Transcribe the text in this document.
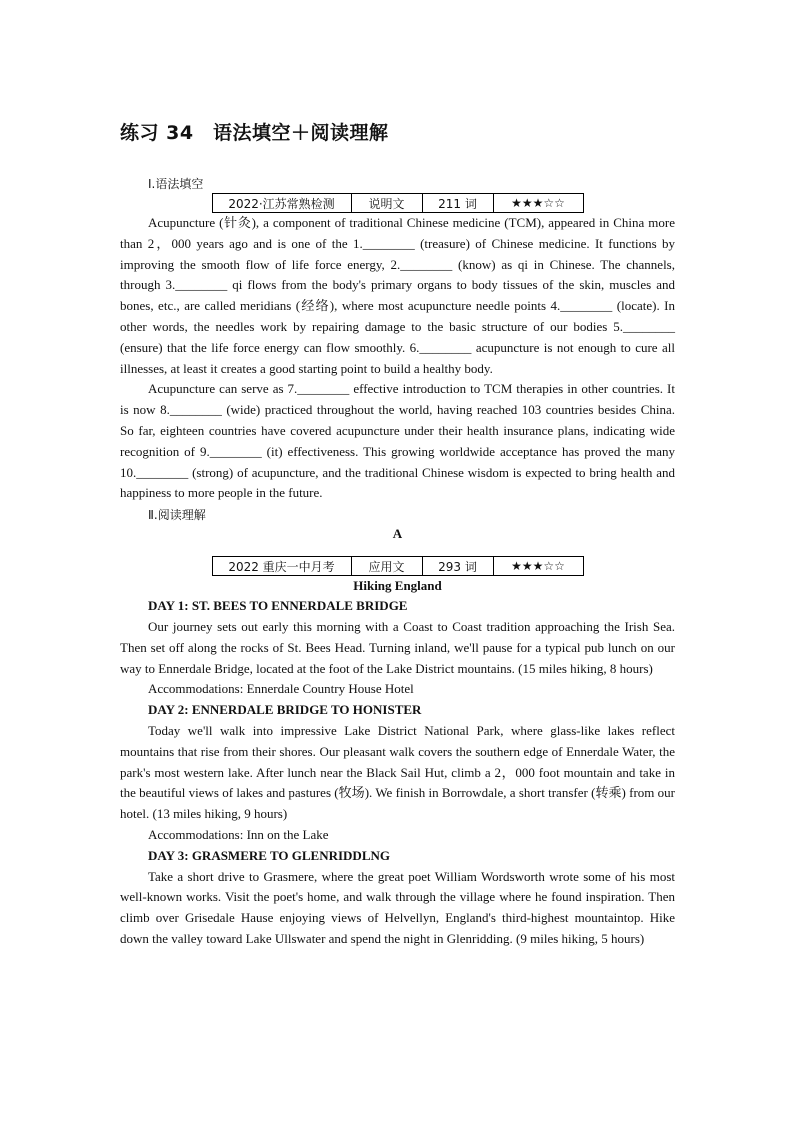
练习 34　语法填空＋阅读理解
Ⅰ.语法填空
2022·江苏常熟检测	说明文	211 词	★★★☆☆

Acupuncture (针灸), a component of traditional Chinese medicine (TCM), appeared in China more than 2，000 years ago and is one of the 1.________ (treasure) of Chinese medicine. It functions by improving the smooth flow of life force energy, 2.________ (know) as qi in Chinese. The channels, through 3.________ qi flows from the body's primary organs to body tissues of the skin, muscles and bones, etc., are called meridians (经络), where most acupuncture needle points 4.________ (locate). In other words, the needles work by repairing damage to the basic structure of our bodies 5.________ (ensure) that the life force energy can flow smoothly. 6.________ acupuncture is not enough to cure all illnesses, at least it creates a good starting point to build a healthy body.

Acupuncture can serve as 7.________ effective introduction to TCM therapies in other countries. It is now 8.________ (wide) practiced throughout the world, having reached 103 countries besides China. So far, eighteen countries have covered acupuncture under their health insurance plans, indicating wide recognition of 9.________ (it) effectiveness. This growing worldwide acceptance has proved the many 10.________ (strong) of acupuncture, and the traditional Chinese wisdom is expected to bring health and happiness to more people in the future.

Ⅱ.阅读理解
A
2022 重庆一中月考	应用文	293 词	★★★☆☆
Hiking England
DAY 1: ST. BEES TO ENNERDALE BRIDGE

Our journey sets out early this morning with a Coast to Coast tradition approaching the Irish Sea. Then set off along the rocks of St. Bees Head. Turning inland, we'll pause for a typical pub lunch on our way to Ennerdale Bridge, located at the foot of the Lake District mountains. (15 miles hiking, 8 hours)

Accommodations: Ennerdale Country House Hotel
DAY 2: ENNERDALE BRIDGE TO HONISTER

Today we'll walk into impressive Lake District National Park, where glass-like lakes reflect mountains that rise from their shores. Our pleasant walk covers the southern edge of Ennerdale Water, the park's most western lake. After lunch near the Black Sail Hut, climb a 2，000 foot mountain and take in the beautiful views of lakes and pastures (牧场). We finish in Borrowdale, a short transfer (转乘) from our hotel. (13 miles hiking, 9 hours)

Accommodations: Inn on the Lake
DAY 3: GRASMERE TO GLENRIDDLNG

Take a short drive to Grasmere, where the great poet William Wordsworth wrote some of his most well-known works. Visit the poet's home, and walk through the village where he found inspiration. Then climb over Grisedale Hause enjoying views of Helvellyn, England's third-highest mountaintop. Hike down the valley toward Lake Ullswater and spend the night in Glenridding. (9 miles hiking, 5 hours)
